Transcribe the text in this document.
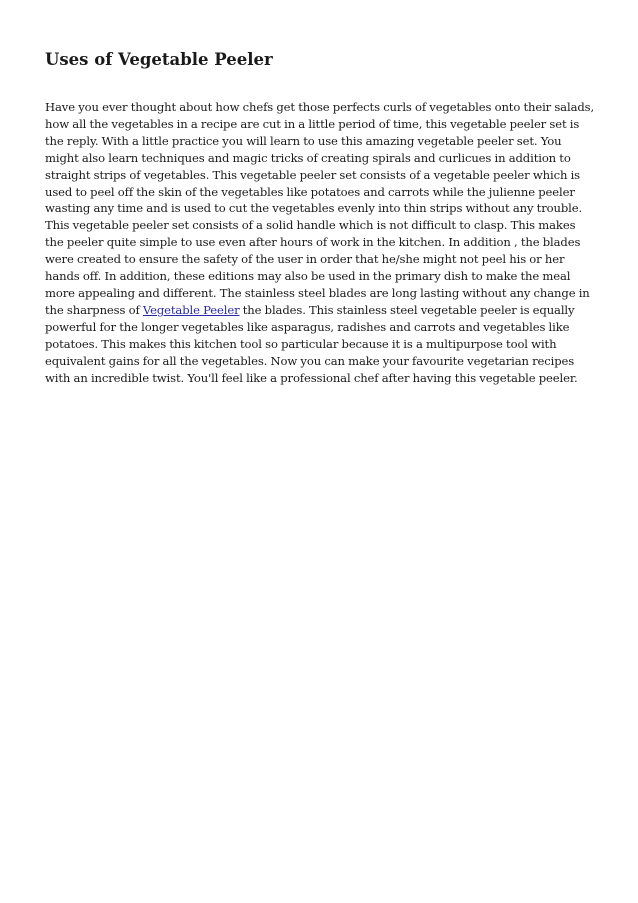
Uses of Vegetable Peeler

Have you ever thought about how chefs get those perfects curls of vegetables onto their salads, how all the vegetables in a recipe are cut in a little period of time, this vegetable peeler set is the reply. With a little practice you will learn to use this amazing vegetable peeler set. You might also learn techniques and magic tricks of creating spirals and curlicues in addition to straight strips of vegetables. This vegetable peeler set consists of a vegetable peeler which is used to peel off the skin of the vegetables like potatoes and carrots while the julienne peeler wasting any time and is used to cut the vegetables evenly into thin strips without any trouble. This vegetable peeler set consists of a solid handle which is not difficult to clasp. This makes the peeler quite simple to use even after hours of work in the kitchen. In addition , the blades were created to ensure the safety of the user in order that he/she might not peel his or her hands off. In addition, these editions may also be used in the primary dish to make the meal more appealing and different. The stainless steel blades are long lasting without any change in the sharpness of Vegetable Peeler the blades. This stainless steel vegetable peeler is equally powerful for the longer vegetables like asparagus, radishes and carrots and vegetables like potatoes. This makes this kitchen tool so particular because it is a multipurpose tool with equivalent gains for all the vegetables. Now you can make your favourite vegetarian recipes with an incredible twist. You'll feel like a professional chef after having this vegetable peeler.
